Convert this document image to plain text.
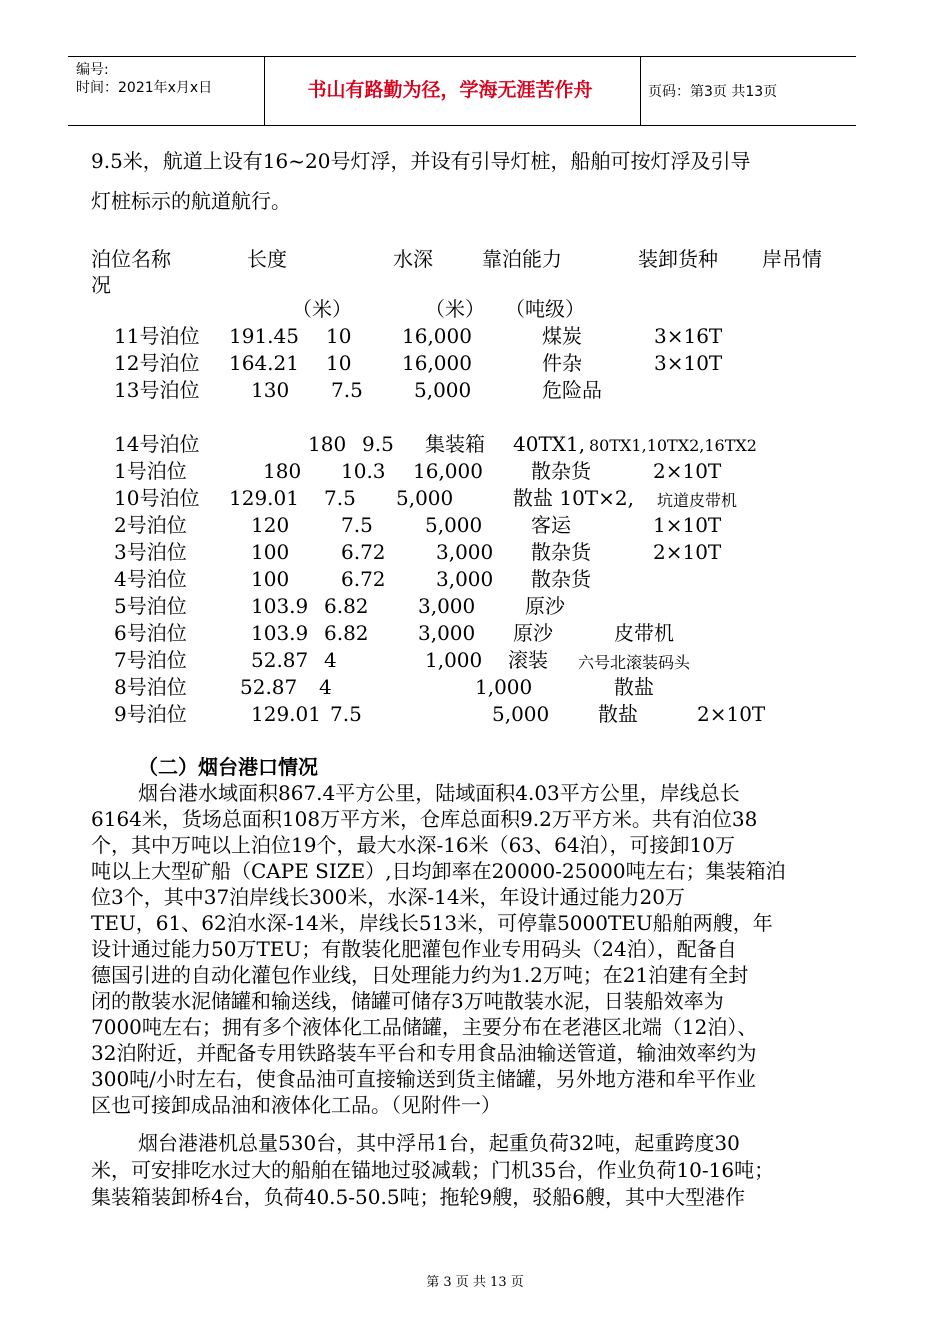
编号:
时间：2021年x月x日	书山有路勤为径，学海无涯苦作舟	页码：第3页 共13页
9.5米，航道上设有16~20号灯浮，并设有引导灯桩，船舶可按灯浮及引导
灯桩标示的航道航行。
泊位名称	长度	水深 靠泊能力	装卸货种 岸吊情
况
（米）	（米） （吨级）
11号泊位 191.45 10	16,000	煤炭	3×16T
12号泊位 164.21 10	16,000	件杂	3×10T
13号泊位	130 7.5	5,000	危险品
14号泊位	180 9.5 集装箱 40TX1, 80TX1,10TX2,16TX2
1号泊位	180 10.3 16,000 散杂货	2×10T
10号泊位 129.01 7.5 5,000	散盐 10T×2, 坑道皮带机
2号泊位	120	7.5	5,000 客运	1×10T
3号泊位	100	6.72	3,000 散杂货	2×10T
4号泊位	100	6.72	3,000 散杂货
5号泊位	103.9 6.82 3,000 原沙
6号泊位	103.9 6.82 3,000 原沙	皮带机
7号泊位	52.87 4	1,000 滚装 六号北滚装码头
8号泊位	52.87 4	1,000	散盐
9号泊位	129.01 7.5	5,000 散盐	2×10T
（二）烟台港口情况
烟台港水域面积867.4平方公里，陆域面积4.03平方公里，岸线总长
6164米，货场总面积108万平方米，仓库总面积9.2万平方米。共有泊位38
个，其中万吨以上泊位19个，最大水深-16米（63、64泊），可接卸10万
吨以上大型矿船（CAPE SIZE）,日均卸率在20000-25000吨左右；集装箱泊
位3个，其中37泊岸线长300米，水深-14米，年设计通过能力20万
TEU，61、62泊水深-14米，岸线长513米，可停靠5000TEU船舶两艘，年
设计通过能力50万TEU；有散装化肥灌包作业专用码头（24泊），配备自
德国引进的自动化灌包作业线，日处理能力约为1.2万吨；在21泊建有全封
闭的散装水泥储罐和输送线，储罐可储存3万吨散装水泥，日装船效率为
7000吨左右；拥有多个液体化工品储罐，主要分布在老港区北端（12泊）、
32泊附近，并配备专用铁路装车平台和专用食品油输送管道，输油效率约为
300吨/小时左右，使食品油可直接输送到货主储罐，另外地方港和牟平作业
区也可接卸成品油和液体化工品。（见附件一）
烟台港港机总量530台，其中浮吊1台，起重负荷32吨，起重跨度30
米，可安排吃水过大的船舶在锚地过驳减载；门机35台，作业负荷10-16吨；
集装箱装卸桥4台，负荷40.5-50.5吨；拖轮9艘，驳船6艘，其中大型港作
第 3 页 共 13 页
